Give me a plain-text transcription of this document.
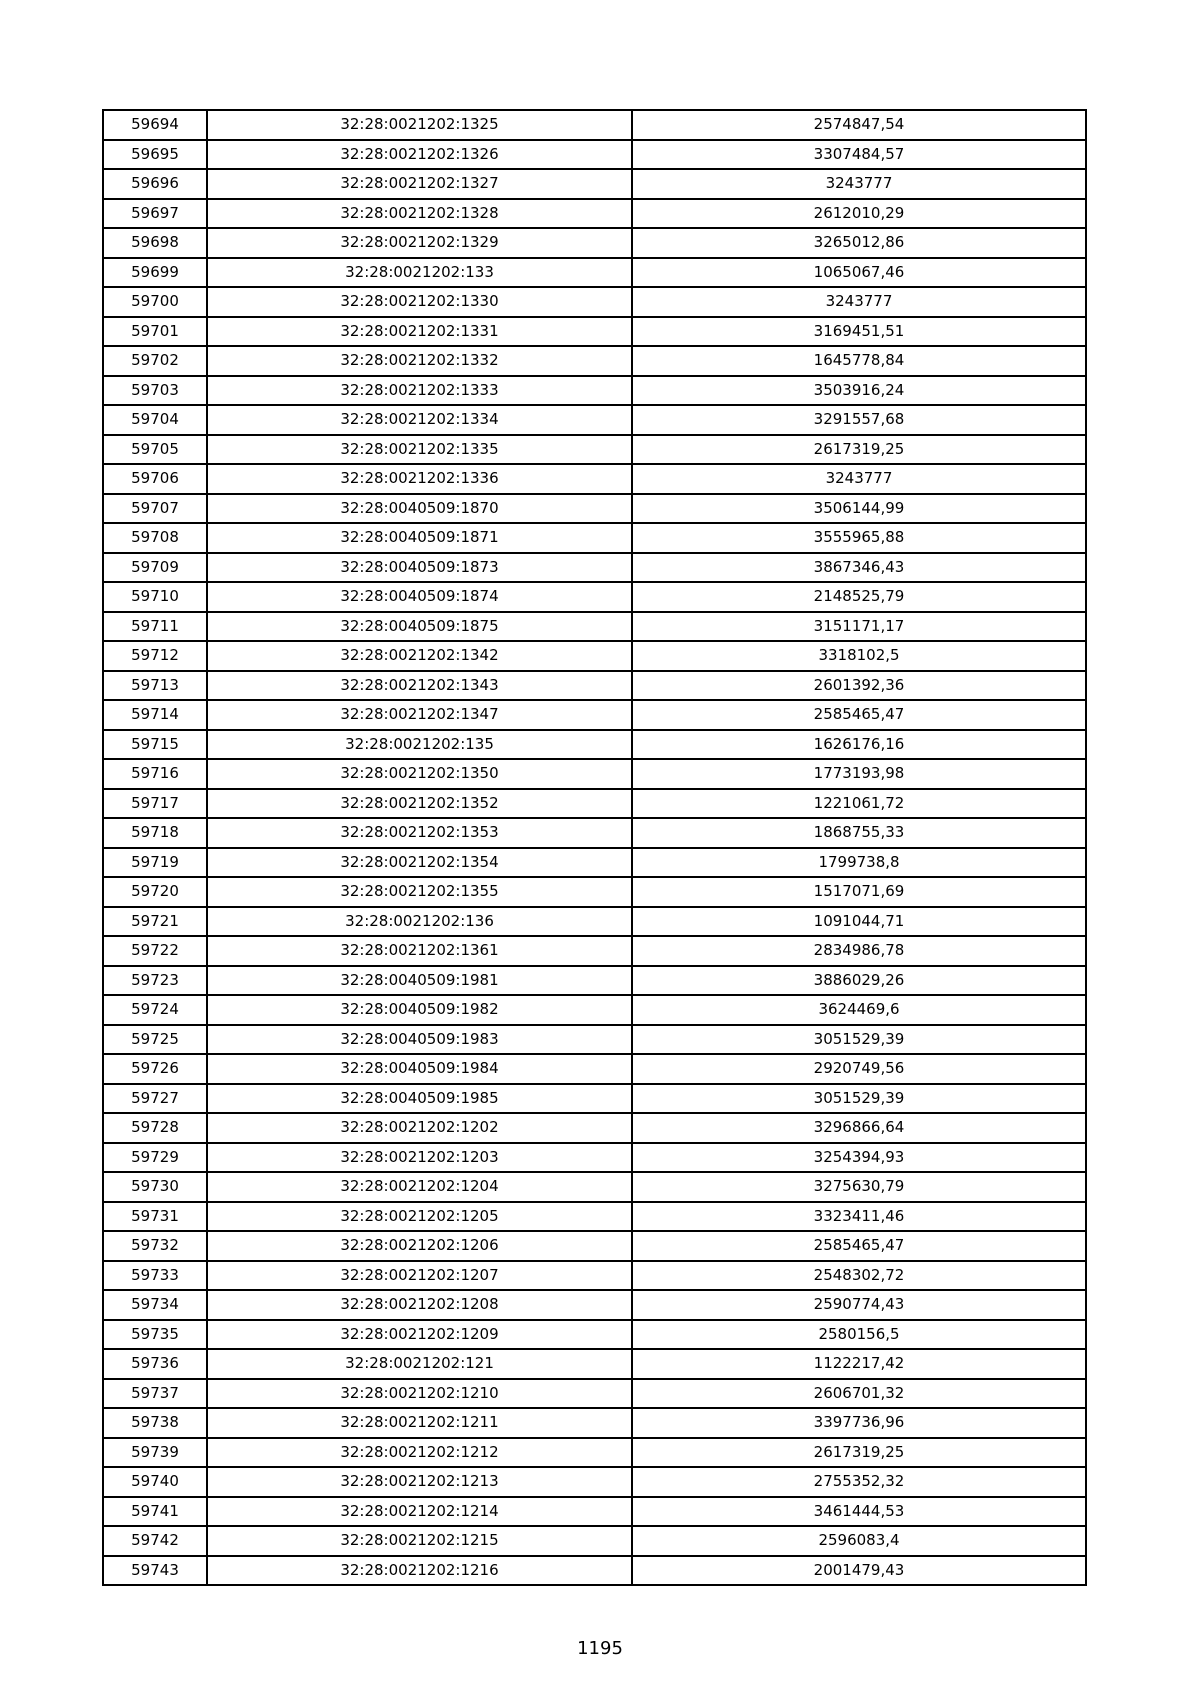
59694	32:28:0021202:1325	2574847,54
59695	32:28:0021202:1326	3307484,57
59696	32:28:0021202:1327	3243777
59697	32:28:0021202:1328	2612010,29
59698	32:28:0021202:1329	3265012,86
59699	32:28:0021202:133	1065067,46
59700	32:28:0021202:1330	3243777
59701	32:28:0021202:1331	3169451,51
59702	32:28:0021202:1332	1645778,84
59703	32:28:0021202:1333	3503916,24
59704	32:28:0021202:1334	3291557,68
59705	32:28:0021202:1335	2617319,25
59706	32:28:0021202:1336	3243777
59707	32:28:0040509:1870	3506144,99
59708	32:28:0040509:1871	3555965,88
59709	32:28:0040509:1873	3867346,43
59710	32:28:0040509:1874	2148525,79
59711	32:28:0040509:1875	3151171,17
59712	32:28:0021202:1342	3318102,5
59713	32:28:0021202:1343	2601392,36
59714	32:28:0021202:1347	2585465,47
59715	32:28:0021202:135	1626176,16
59716	32:28:0021202:1350	1773193,98
59717	32:28:0021202:1352	1221061,72
59718	32:28:0021202:1353	1868755,33
59719	32:28:0021202:1354	1799738,8
59720	32:28:0021202:1355	1517071,69
59721	32:28:0021202:136	1091044,71
59722	32:28:0021202:1361	2834986,78
59723	32:28:0040509:1981	3886029,26
59724	32:28:0040509:1982	3624469,6
59725	32:28:0040509:1983	3051529,39
59726	32:28:0040509:1984	2920749,56
59727	32:28:0040509:1985	3051529,39
59728	32:28:0021202:1202	3296866,64
59729	32:28:0021202:1203	3254394,93
59730	32:28:0021202:1204	3275630,79
59731	32:28:0021202:1205	3323411,46
59732	32:28:0021202:1206	2585465,47
59733	32:28:0021202:1207	2548302,72
59734	32:28:0021202:1208	2590774,43
59735	32:28:0021202:1209	2580156,5
59736	32:28:0021202:121	1122217,42
59737	32:28:0021202:1210	2606701,32
59738	32:28:0021202:1211	3397736,96
59739	32:28:0021202:1212	2617319,25
59740	32:28:0021202:1213	2755352,32
59741	32:28:0021202:1214	3461444,53
59742	32:28:0021202:1215	2596083,4
59743	32:28:0021202:1216	2001479,43
1195
